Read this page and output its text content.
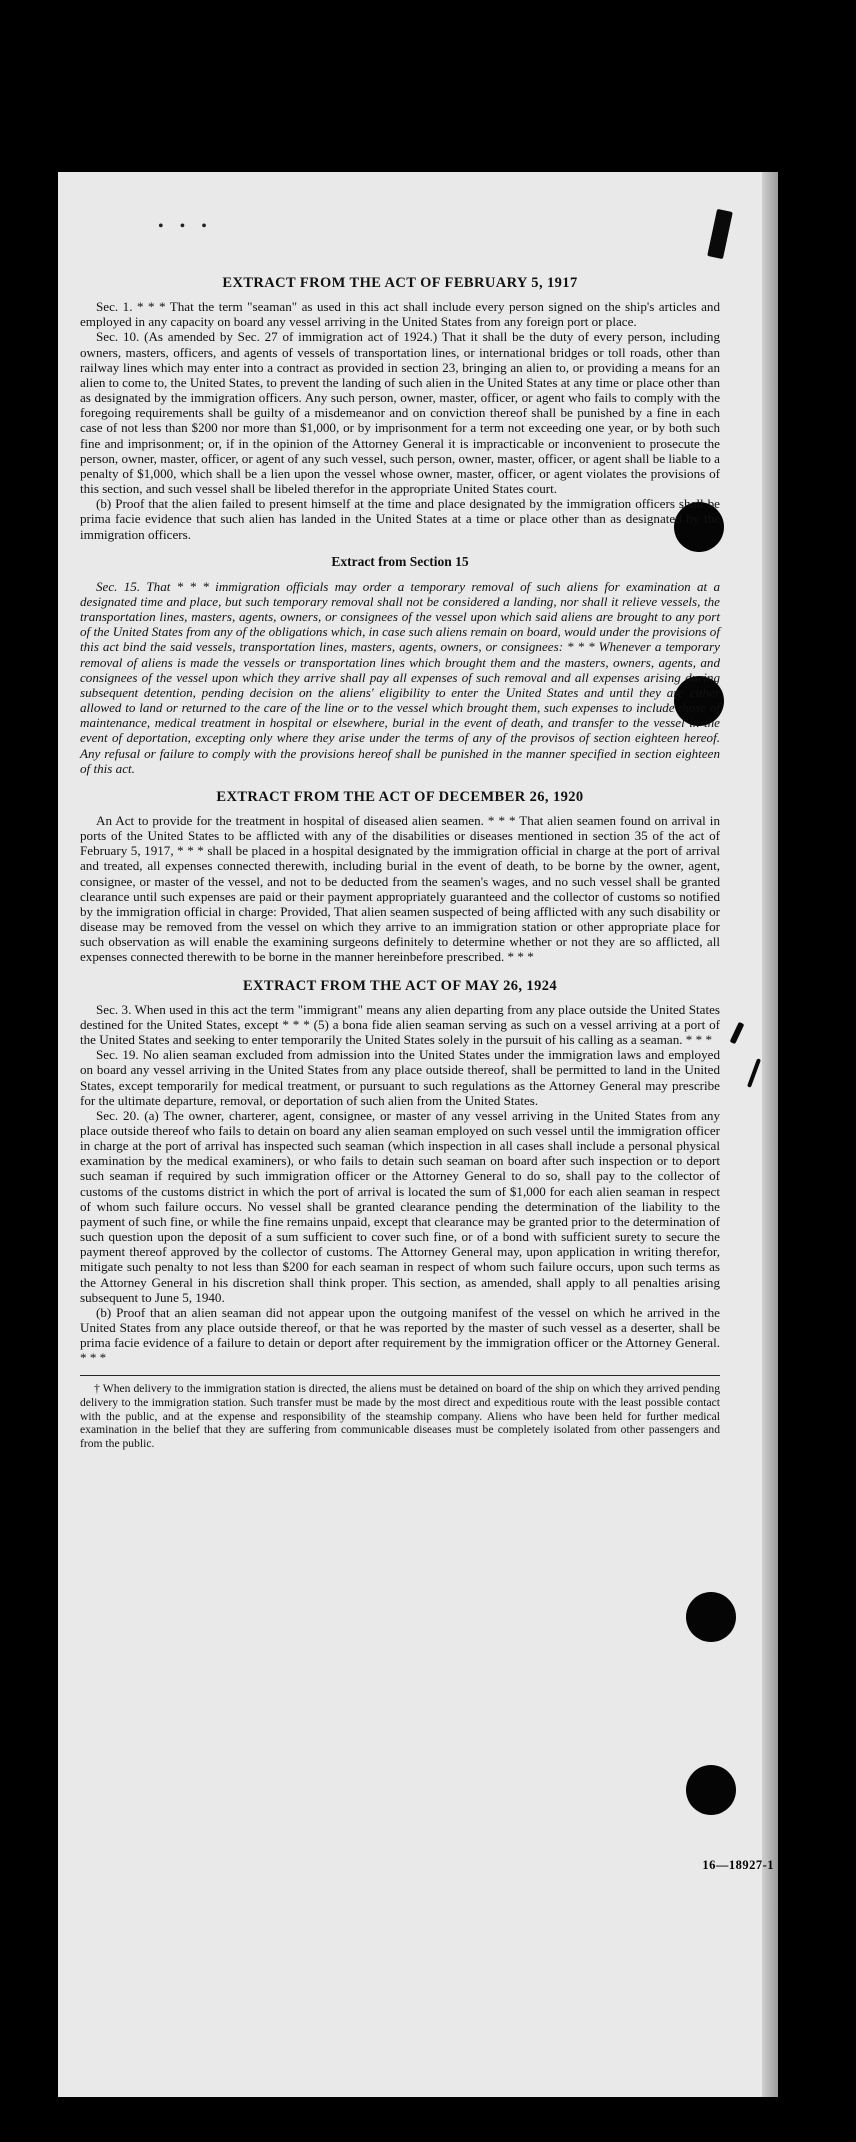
• • •
EXTRACT FROM THE ACT OF FEBRUARY 5, 1917

Sec. 1. * * * That the term "seaman" as used in this act shall include every person signed on the ship's articles and employed in any capacity on board any vessel arriving in the United States from any foreign port or place.

Sec. 10. (As amended by Sec. 27 of immigration act of 1924.) That it shall be the duty of every person, including owners, masters, officers, and agents of vessels of transportation lines, or international bridges or toll roads, other than railway lines which may enter into a contract as provided in section 23, bringing an alien to, or providing a means for an alien to come to, the United States, to prevent the landing of such alien in the United States at any time or place other than as designated by the immigration officers. Any such person, owner, master, officer, or agent who fails to comply with the foregoing requirements shall be guilty of a misdemeanor and on conviction thereof shall be punished by a fine in each case of not less than $200 nor more than $1,000, or by imprisonment for a term not exceeding one year, or by both such fine and imprisonment; or, if in the opinion of the Attorney General it is impracticable or inconvenient to prosecute the person, owner, master, officer, or agent of any such vessel, such person, owner, master, officer, or agent shall be liable to a penalty of $1,000, which shall be a lien upon the vessel whose owner, master, officer, or agent violates the provisions of this section, and such vessel shall be libeled therefor in the appropriate United States court.

(b) Proof that the alien failed to present himself at the time and place designated by the immigration officers shall be prima facie evidence that such alien has landed in the United States at a time or place other than as designated by the immigration officers.

Extract from Section 15

Sec. 15. That * * * immigration officials may order a temporary removal of such aliens for examination at a designated time and place, but such temporary removal shall not be considered a landing, nor shall it relieve vessels, the transportation lines, masters, agents, owners, or consignees of the vessel upon which said aliens are brought to any port of the United States from any of the obligations which, in case such aliens remain on board, would under the provisions of this act bind the said vessels, transportation lines, masters, agents, owners, or consignees: * * * Whenever a temporary removal of aliens is made the vessels or transportation lines which brought them and the masters, owners, agents, and consignees of the vessel upon which they arrive shall pay all expenses of such removal and all expenses arising during subsequent detention, pending decision on the aliens' eligibility to enter the United States and until they are either allowed to land or returned to the care of the line or to the vessel which brought them, such expenses to include those of maintenance, medical treatment in hospital or elsewhere, burial in the event of death, and transfer to the vessel in the event of deportation, excepting only where they arise under the terms of any of the provisos of section eighteen hereof. Any refusal or failure to comply with the provisions hereof shall be punished in the manner specified in section eighteen of this act.

EXTRACT FROM THE ACT OF DECEMBER 26, 1920

An Act to provide for the treatment in hospital of diseased alien seamen. * * * That alien seamen found on arrival in ports of the United States to be afflicted with any of the disabilities or diseases mentioned in section 35 of the act of February 5, 1917, * * * shall be placed in a hospital designated by the immigration official in charge at the port of arrival and treated, all expenses connected therewith, including burial in the event of death, to be borne by the owner, agent, consignee, or master of the vessel, and not to be deducted from the seamen's wages, and no such vessel shall be granted clearance until such expenses are paid or their payment appropriately guaranteed and the collector of customs so notified by the immigration official in charge: Provided, That alien seamen suspected of being afflicted with any such disability or disease may be removed from the vessel on which they arrive to an immigration station or other appropriate place for such observation as will enable the examining surgeons definitely to determine whether or not they are so afflicted, all expenses connected therewith to be borne in the manner hereinbefore prescribed. * * *

EXTRACT FROM THE ACT OF MAY 26, 1924

Sec. 3. When used in this act the term "immigrant" means any alien departing from any place outside the United States destined for the United States, except * * * (5) a bona fide alien seaman serving as such on a vessel arriving at a port of the United States and seeking to enter temporarily the United States solely in the pursuit of his calling as a seaman. * * *

Sec. 19. No alien seaman excluded from admission into the United States under the immigration laws and employed on board any vessel arriving in the United States from any place outside thereof, shall be permitted to land in the United States, except temporarily for medical treatment, or pursuant to such regulations as the Attorney General may prescribe for the ultimate departure, removal, or deportation of such alien from the United States.

Sec. 20. (a) The owner, charterer, agent, consignee, or master of any vessel arriving in the United States from any place outside thereof who fails to detain on board any alien seaman employed on such vessel until the immigration officer in charge at the port of arrival has inspected such seaman (which inspection in all cases shall include a personal physical examination by the medical examiners), or who fails to detain such seaman on board after such inspection or to deport such seaman if required by such immigration officer or the Attorney General to do so, shall pay to the collector of customs of the customs district in which the port of arrival is located the sum of $1,000 for each alien seaman in respect of whom such failure occurs. No vessel shall be granted clearance pending the determination of the liability to the payment of such fine, or while the fine remains unpaid, except that clearance may be granted prior to the determination of such question upon the deposit of a sum sufficient to cover such fine, or of a bond with sufficient surety to secure the payment thereof approved by the collector of customs. The Attorney General may, upon application in writing therefor, mitigate such penalty to not less than $200 for each seaman in respect of whom such failure occurs, upon such terms as the Attorney General in his discretion shall think proper. This section, as amended, shall apply to all penalties arising subsequent to June 5, 1940.

(b) Proof that an alien seaman did not appear upon the outgoing manifest of the vessel on which he arrived in the United States from any place outside thereof, or that he was reported by the master of such vessel as a deserter, shall be prima facie evidence of a failure to detain or deport after requirement by the immigration officer or the Attorney General. * * *

† When delivery to the immigration station is directed, the aliens must be detained on board of the ship on which they arrived pending delivery to the immigration station. Such transfer must be made by the most direct and expeditious route with the least possible contact with the public, and at the expense and responsibility of the steamship company. Aliens who have been held for further medical examination in the belief that they are suffering from communicable diseases must be completely isolated from other passengers and from the public.

16—18927-1
